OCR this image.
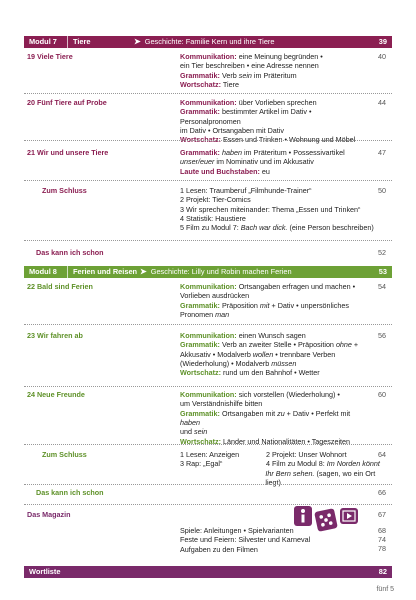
Modul 7	Tiere	➤ Geschichte: Familie Kern und ihre Tiere	39
19 Viele Tiere	Kommunikation: eine Meinung begründen •
ein Tier beschreiben • eine Adresse nennen
Grammatik: Verb sein im Präteritum
Wortschatz: Tiere
40
20 Fünf Tiere auf Probe	Kommunikation: über Vorlieben sprechen
Grammatik: bestimmter Artikel im Dativ • Personalpronomen
im Dativ • Ortsangaben mit Dativ
Wortschatz: Essen und Trinken • Wohnung und Möbel
44
21 Wir und unsere Tiere	Grammatik: haben im Präteritum • Possessivartikel
unser/euer im Nominativ und im Akkusativ
Laute und Buchstaben: eu
47
Zum Schluss	1 Lesen: Traumberuf „Filmhunde-Trainer“
2 Projekt: Tier-Comics
3 Wir sprechen miteinander: Thema „Essen und Trinken“
4 Statistik: Haustiere
5 Film zu Modul 7: Bach war dick. (eine Person beschreiben)
50
Das kann ich schon	52
Modul 8	Ferien und Reisen ➤ Geschichte: Lilly und Robin machen Ferien	53
22 Bald sind Ferien	Kommunikation: Ortsangaben erfragen und machen •
Vorlieben ausdrücken
Grammatik: Präposition mit + Dativ • unpersönliches
Pronomen man
54
23 Wir fahren ab	Kommunikation: einen Wunsch sagen
Grammatik: Verb an zweiter Stelle • Präposition ohne +
Akkusativ • Modalverb wollen • trennbare Verben
(Wiederholung) • Modalverb müssen
Wortschatz: rund um den Bahnhof • Wetter
56
24 Neue Freunde	Kommunikation: sich vorstellen (Wiederholung) •
um Verständnishilfe bitten
Grammatik: Ortsangaben mit zu + Dativ • Perfekt mit haben
und sein
Wortschatz: Länder und Nationalitäten • Tageszeiten
60
Zum Schluss	1 Lesen: Anzeigen	2 Projekt: Unser Wohnort
3 Rap: „Egal“	4 Film zu Modul 8: Im Norden könnt
Ihr Bern sehen. (sagen, wo ein Ort liegt)
64
Das kann ich schon	66
Das Magazin	67
Spiele: Anleitungen • Spielvarianten
Feste und Feiern: Silvester und Karneval
Aufgaben zu den Filmen
68
74
78
Wortliste	82
fünf 5
